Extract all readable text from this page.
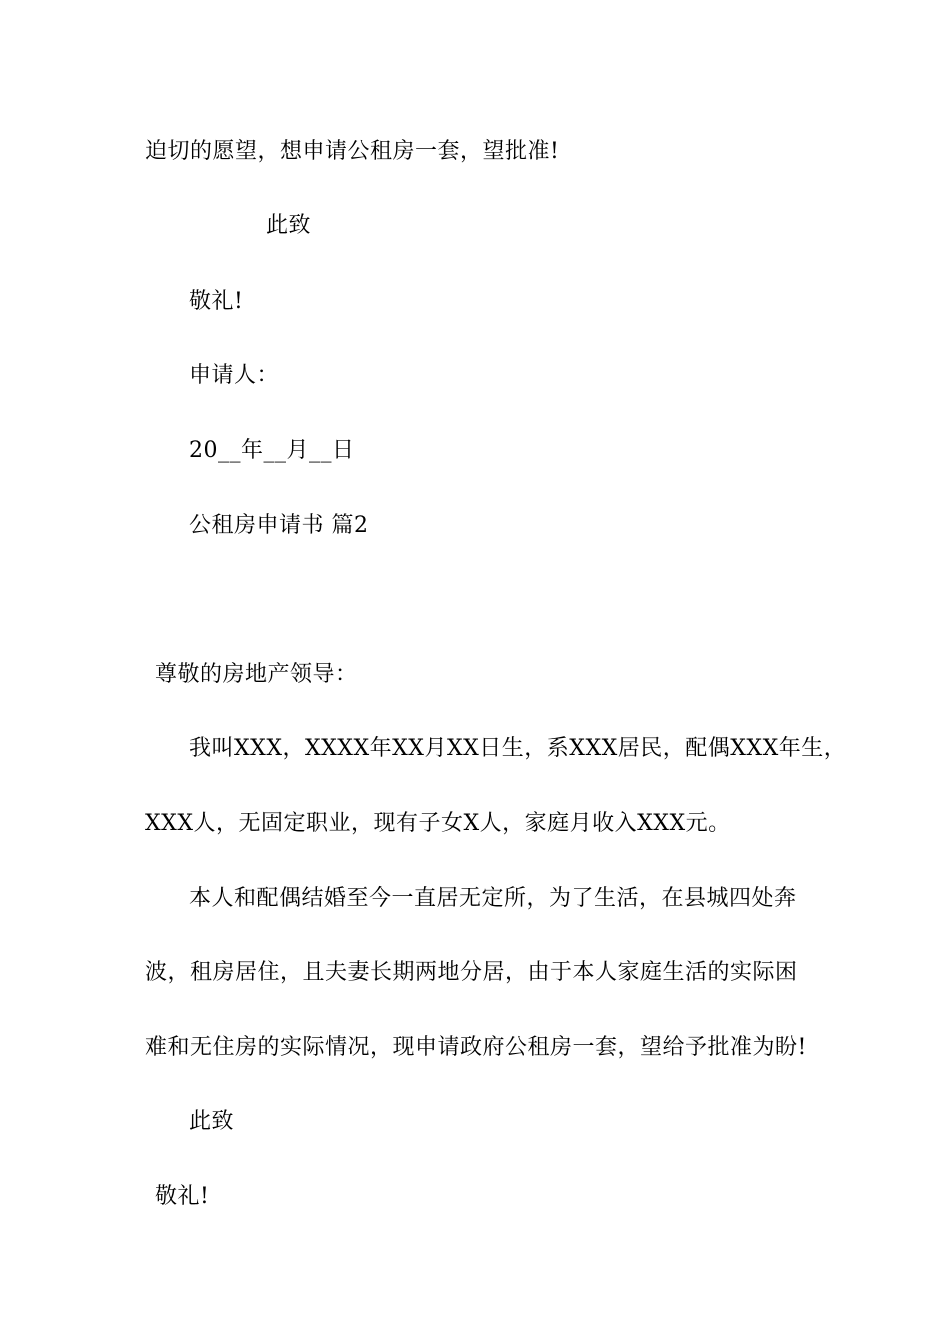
迫切的愿望，想申请公租房一套，望批准!
此致
敬礼!
申请人：
20__年__月__日
公租房申请书 篇2
尊敬的房地产领导：
我叫XXX，XXXX年XX月XX日生，系XXX居民，配偶XXX年生，
XXX人，无固定职业，现有子女X人，家庭月收入XXX元。
本人和配偶结婚至今一直居无定所，为了生活，在县城四处奔
波，租房居住，且夫妻长期两地分居，由于本人家庭生活的实际困
难和无住房的实际情况，现申请政府公租房一套，望给予批准为盼!
此致
敬礼!
